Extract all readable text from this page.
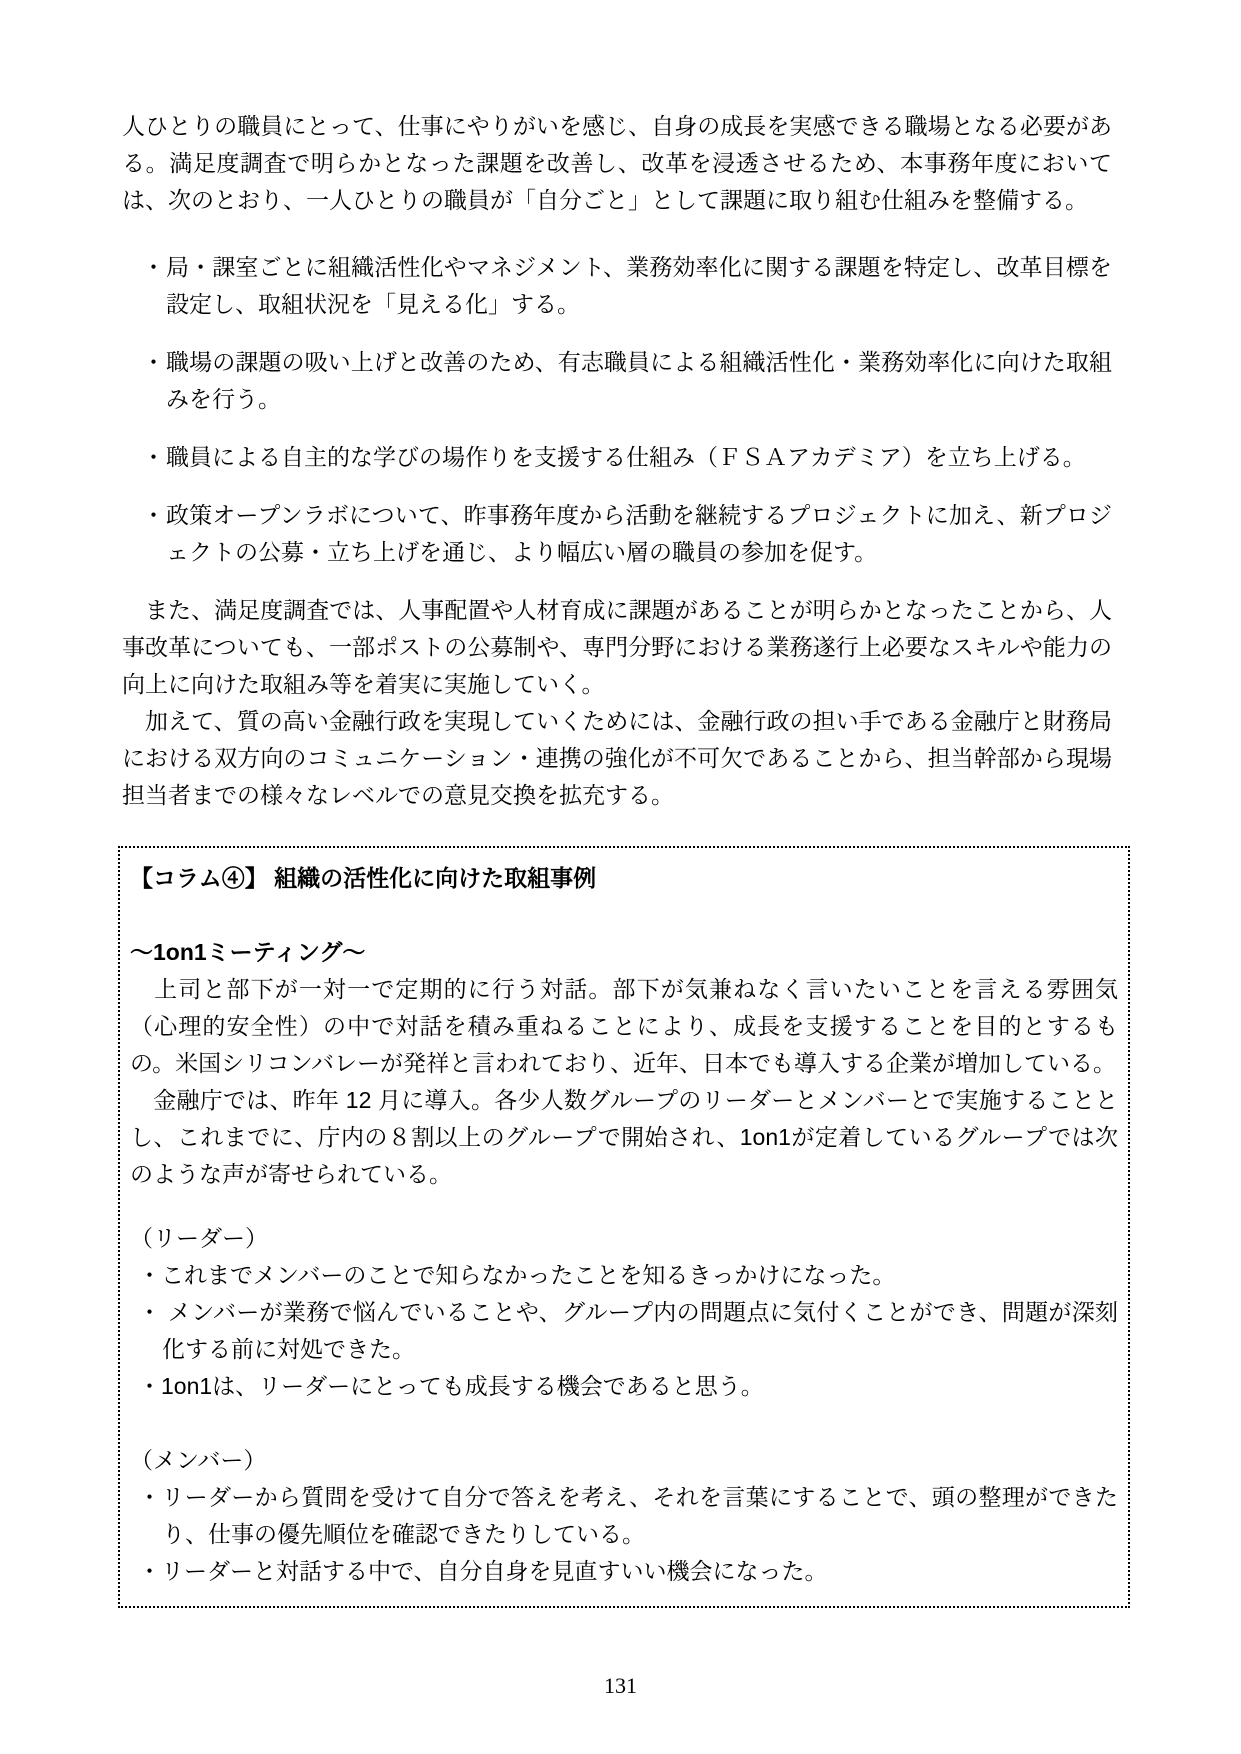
人ひとりの職員にとって、仕事にやりがいを感じ、自身の成長を実感できる職場となる必要がある。満足度調査で明らかとなった課題を改善し、改革を浸透させるため、本事務年度においては、次のとおり、一人ひとりの職員が「自分ごと」として課題に取り組む仕組みを整備する。

・ 局・課室ごとに組織活性化やマネジメント、業務効率化に関する課題を特定し、改革目標を設定し、取組状況を「見える化」する。
・ 職場の課題の吸い上げと改善のため、有志職員による組織活性化・業務効率化に向けた取組みを行う。
・ 職員による自主的な学びの場作りを支援する仕組み（ＦＳＡアカデミア）を立ち上げる。
・ 政策オープンラボについて、昨事務年度から活動を継続するプロジェクトに加え、新プロジェクトの公募・立ち上げを通じ、より幅広い層の職員の参加を促す。

　また、満足度調査では、人事配置や人材育成に課題があることが明らかとなったことから、人事改革についても、一部ポストの公募制や、専門分野における業務遂行上必要なスキルや能力の向上に向けた取組み等を着実に実施していく。

　加えて、質の高い金融行政を実現していくためには、金融行政の担い手である金融庁と財務局における双方向のコミュニケーション・連携の強化が不可欠であることから、担当幹部から現場担当者までの様々なレベルでの意見交換を拡充する。

【コラム④】 組織の活性化に向けた取組事例
～1on1ミーティング～

　上司と部下が一対一で定期的に行う対話。部下が気兼ねなく言いたいことを言える雰囲気（心理的安全性）の中で対話を積み重ねることにより、成長を支援することを目的とするもの。米国シリコンバレーが発祥と言われており、近年、日本でも導入する企業が増加している。

　金融庁では、昨年 12 月に導入。各少人数グループのリーダーとメンバーとで実施することとし、これまでに、庁内の８割以上のグループで開始され、1on1が定着しているグループでは次のような声が寄せられている。

（リーダー）
・これまでメンバーのことで知らなかったことを知るきっかけになった。
・ メンバーが業務で悩んでいることや、グループ内の問題点に気付くことができ、問題が深刻化する前に対処できた。
・1on1は、リーダーにとっても成長する機会であると思う。
（メンバー）
・リーダーから質問を受けて自分で答えを考え、それを言葉にすることで、頭の整理ができたり、仕事の優先順位を確認できたりしている。
・リーダーと対話する中で、自分自身を見直すいい機会になった。
131
